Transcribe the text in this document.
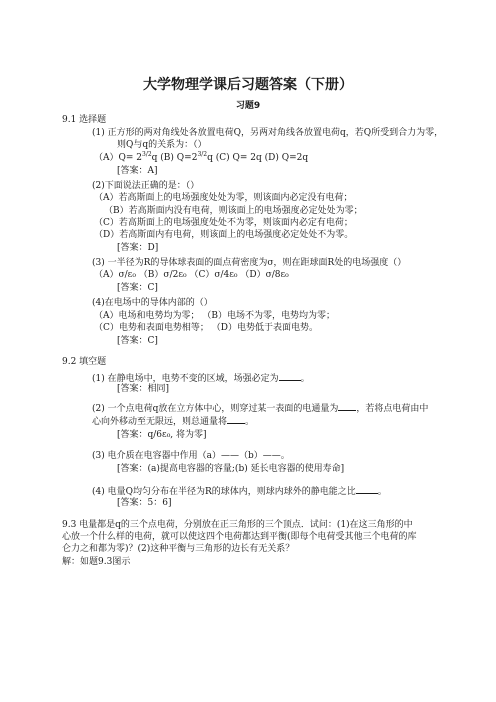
大学物理学课后习题答案（下册）
习题9
9.1 选择题
(1) 正方形的两对角线处各放置电荷Q，另两对角线各放置电荷q，若Q所受到合力为零，
则Q与q的关系为：（）
$(A)Q= 2^{3/2}q$ (B) $Q=2^{3/2}q$ (C) Q= 2q (D) Q=2q
[答案：A]
(2)下面说法正确的是：（）
（A）若高斯面上的电场强度处处为零，则该面内必定没有电荷；
（B）若高斯面内没有电荷，则该面上的电场强度必定处处为零；
（C）若高斯面上的电场强度处处不为零，则该面内必定有电荷；
（D）若高斯面内有电荷，则该面上的电场强度必定处处不为零。
[答案：D]
(3) 一半径为R的导体球表面的面点荷密度为σ，则在距球面R处的电场强度（）
（A）σ/ε₀ （B）σ/2ε₀ （C）σ/4ε₀ （D）σ/8ε₀
[答案：C]
(4)在电场中的导体内部的（）
（A）电场和电势均为零； （B）电场不为零，电势均为零；
（C）电势和表面电势相等； （D）电势低于表面电势。
[答案：C]
9.2 填空题
(1) 在静电场中，电势不变的区域，场强必定为 。
[答案：相同]
(2) 一个点电荷q放在立方体中心，则穿过某一表面的电通量为 ，若将点电荷由中
心向外移动至无限远，则总通量将 。
[答案：q/6ε₀, 将为零]
(3) 电介质在电容器中作用（a）——（b）——。
[答案：(a)提高电容器的容量;(b) 延长电容器的使用寿命]
(4) 电量Q均匀分布在半径为R的球体内，则球内球外的静电能之比 。
[答案：5：6]
9.3 电量都是q的三个点电荷，分别放在正三角形的三个顶点．试问：(1)在这三角形的中
心放一个什么样的电荷，就可以使这四个电荷都达到平衡(即每个电荷受其他三个电荷的库
仑力之和都为零)？(2)这种平衡与三角形的边长有无关系？
解：如题9.3图示
